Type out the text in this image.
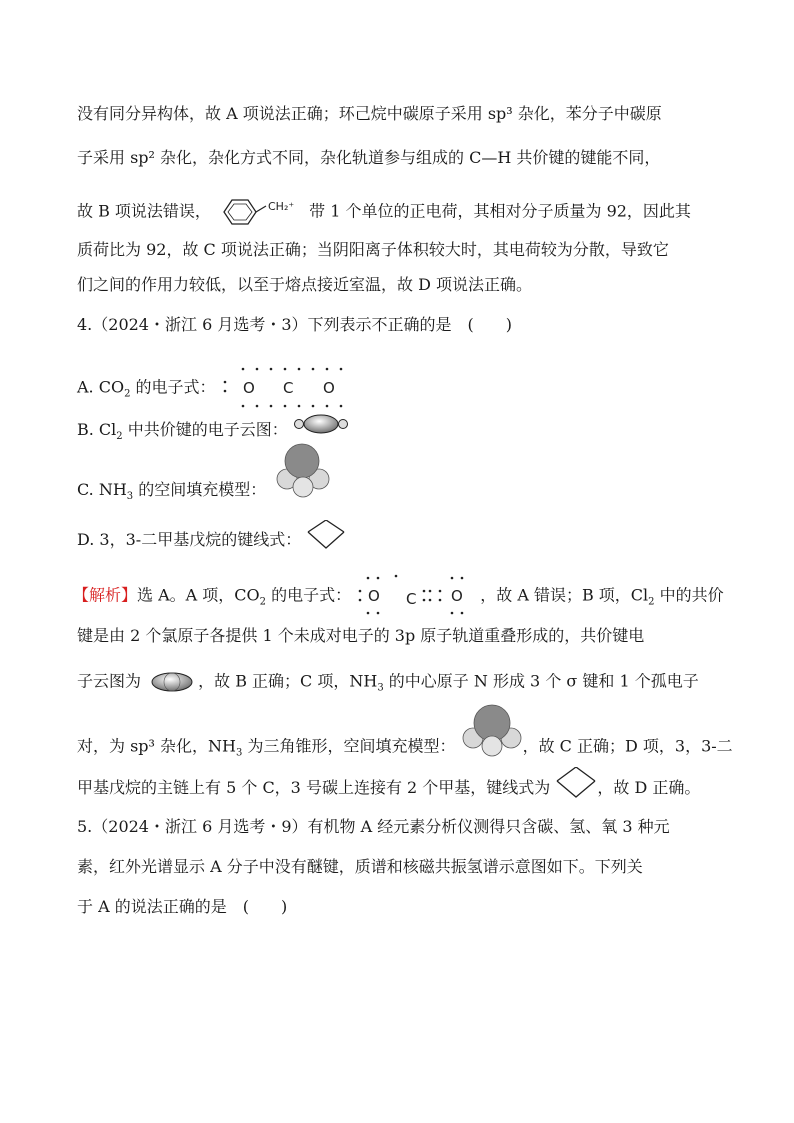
没有同分异构体，故 A 项说法正确；环己烷中碳原子采用 sp³ 杂化，苯分子中碳原
子采用 sp² 杂化，杂化方式不同，杂化轨道参与组成的 C—H 共价键的键能不同，
故 B 项说法错误，	CH₂⁺ 带 1 个单位的正电荷，其相对分子质量为 92，因此其
质荷比为 92，故 C 项说法正确；当阴阳离子体积较大时，其电荷较为分散，导致它
们之间的作用力较低，以至于熔点接近室温，故 D 项说法正确。
4.（2024・浙江 6 月选考・3）下列表示不正确的是　(　　)
A. $CO_2$ 的电子式： O C O
B. $Cl_2$ 中共价键的电子云图：
C. $NH_3$ 的空间填充模型：
D. 3，3-二甲基戊烷的键线式：
【解析】选 A。A 项，$CO_2$ 的电子式： O C O ，故 A 错误；B 项，$Cl_2$ 中的共价
键是由 2 个氯原子各提供 1 个未成对电子的 3p 原子轨道重叠形成的，共价键电
子云图为	，故 B 正确；C 项，$NH_3$ 的中心原子 N 形成 3 个 σ 键和 1 个孤电子
对，为 sp³ 杂化，$NH_3$ 为三角锥形，空间填充模型：	，故 C 正确；D 项，3，3-二
甲基戊烷的主链上有 5 个 C，3 号碳上连接有 2 个甲基，键线式为	，故 D 正确。
5.（2024・浙江 6 月选考・9）有机物 A 经元素分析仪测得只含碳、氢、氧 3 种元
素，红外光谱显示 A 分子中没有醚键，质谱和核磁共振氢谱示意图如下。下列关
于 A 的说法正确的是　(　　)
